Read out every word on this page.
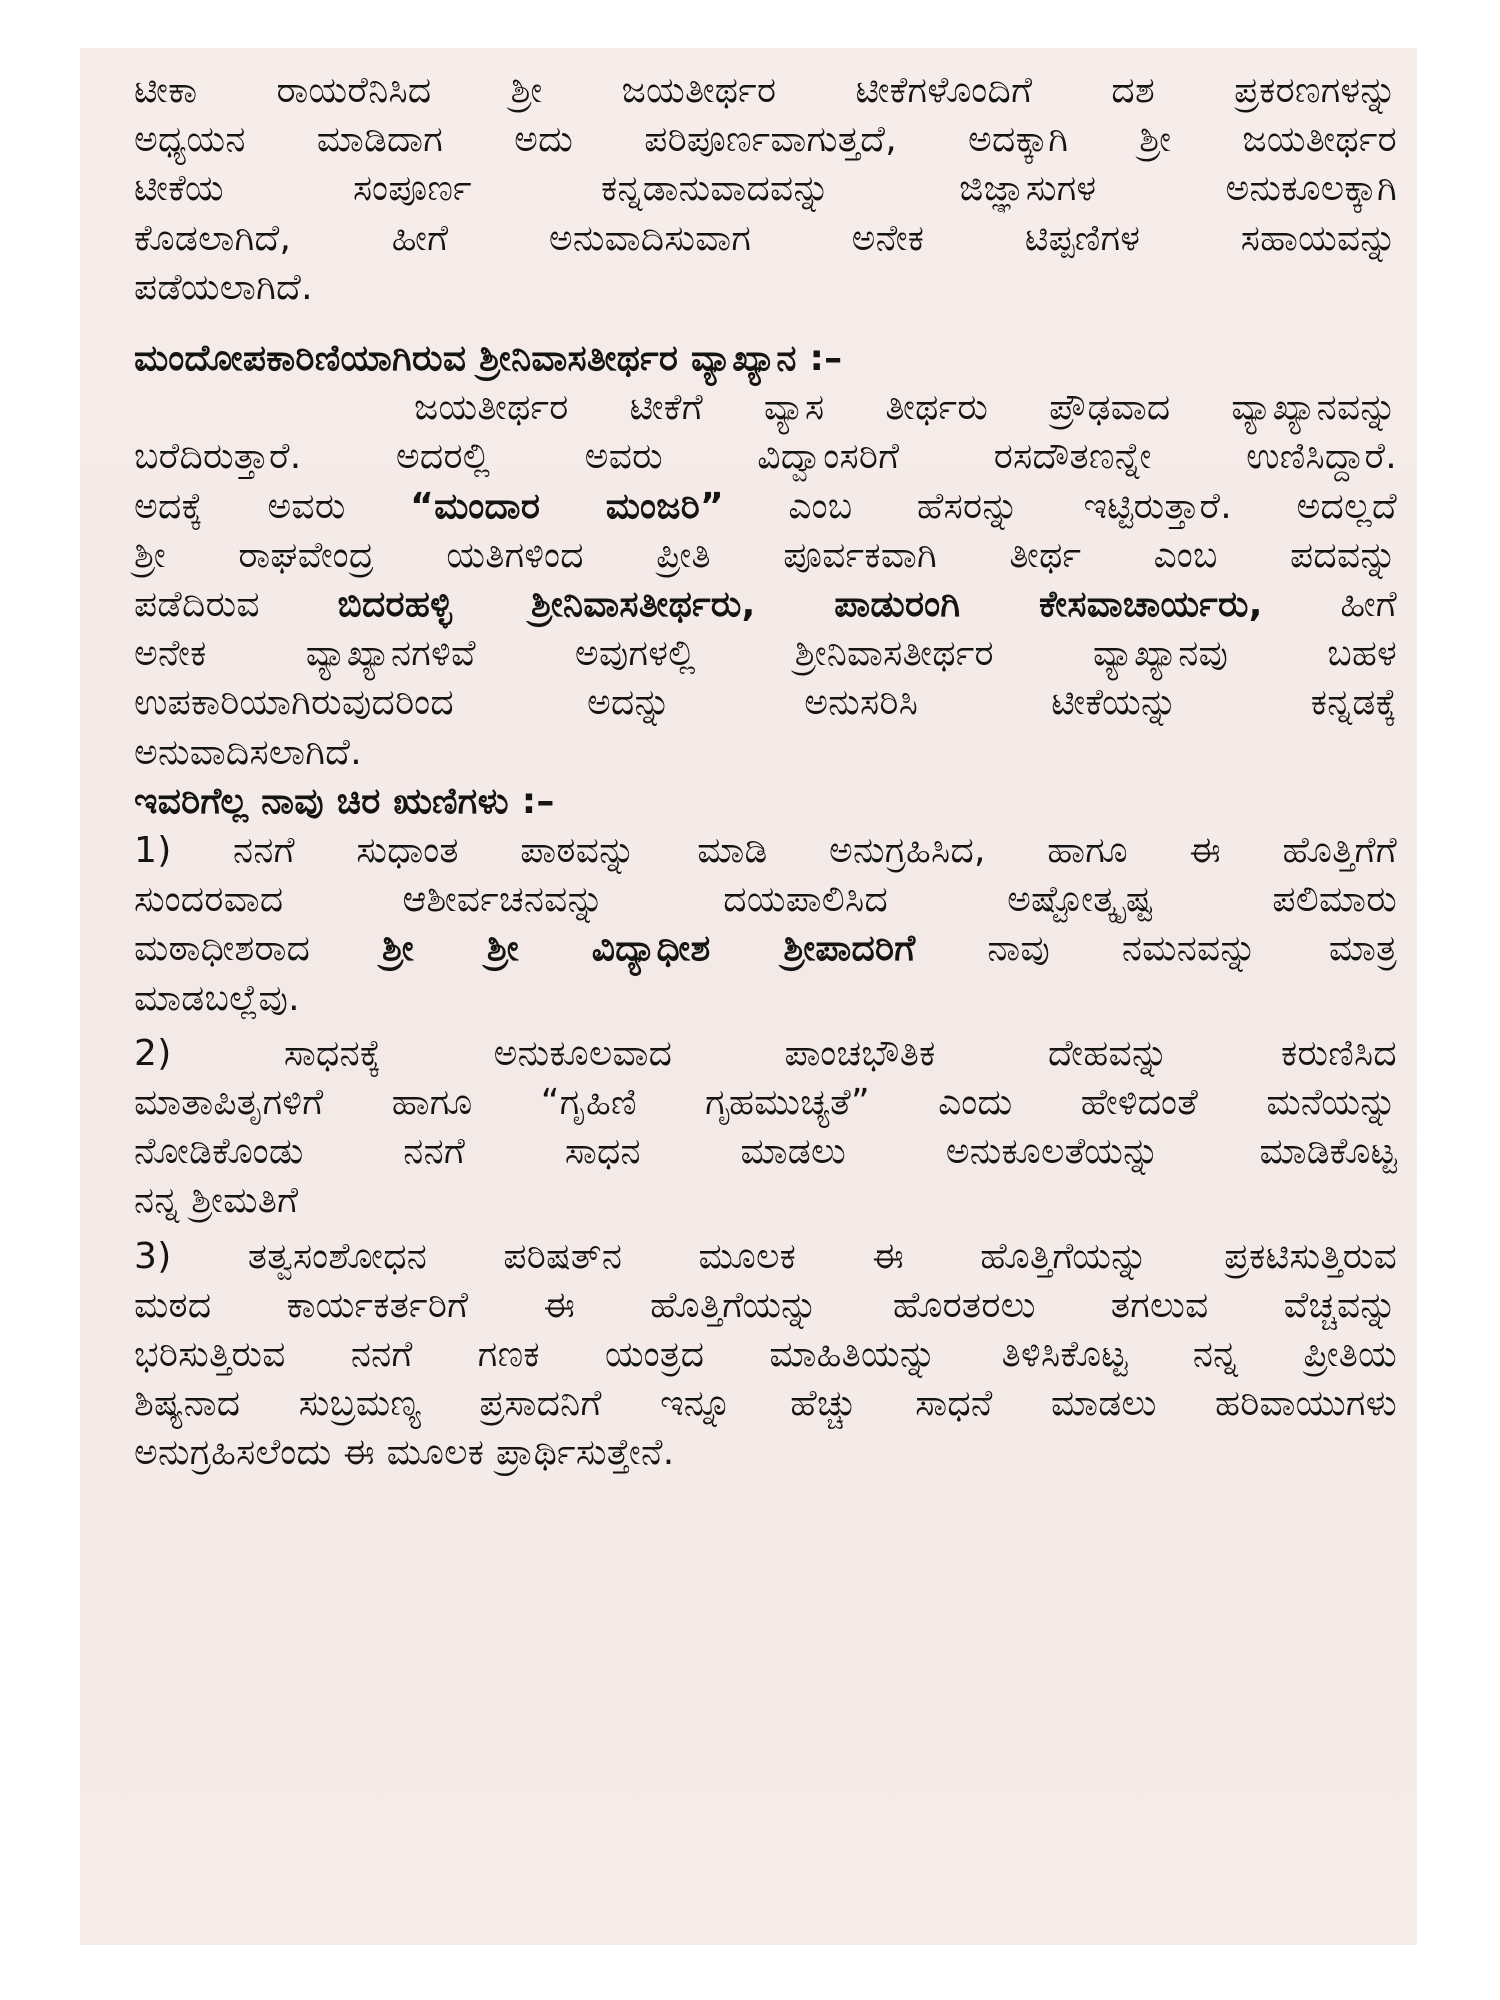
ಟೀಕಾ ರಾಯರೆನಿಸಿದ ಶ್ರೀ ಜಯತೀರ್ಥರ ಟೀಕೆಗಳೊಂದಿಗೆ ದಶ ಪ್ರಕರಣಗಳನ್ನು
ಅಧ್ಯಯನ ಮಾಡಿದಾಗ ಅದು ಪರಿಪೂರ್ಣವಾಗುತ್ತದೆ, ಅದಕ್ಕಾಗಿ ಶ್ರೀ ಜಯತೀರ್ಥರ
ಟೀಕೆಯ ಸಂಪೂರ್ಣ ಕನ್ನಡಾನುವಾದವನ್ನು ಜಿಜ್ಞಾಸುಗಳ ಅನುಕೂಲಕ್ಕಾಗಿ
ಕೊಡಲಾಗಿದೆ, ಹೀಗೆ ಅನುವಾದಿಸುವಾಗ ಅನೇಕ ಟಿಪ್ಪಣಿಗಳ ಸಹಾಯವನ್ನು
ಪಡೆಯಲಾಗಿದೆ.
ಮಂದೋಪಕಾರಿಣಿಯಾಗಿರುವ ಶ್ರೀನಿವಾಸತೀರ್ಥರ ವ್ಯಾಖ್ಯಾನ :–
ಜಯತೀರ್ಥರ ಟೀಕೆಗೆ ವ್ಯಾಸ ತೀರ್ಥರು ಪ್ರೌಢವಾದ ವ್ಯಾಖ್ಯಾನವನ್ನು
ಬರೆದಿರುತ್ತಾರೆ. ಅದರಲ್ಲಿ ಅವರು ವಿದ್ವಾಂಸರಿಗೆ ರಸದೌತಣನ್ನೇ ಉಣಿಸಿದ್ದಾರೆ.
ಅದಕ್ಕೆ ಅವರು “ಮಂದಾರ ಮಂಜರಿ” ಎಂಬ ಹೆಸರನ್ನು ಇಟ್ಟಿರುತ್ತಾರೆ. ಅದಲ್ಲದೆ
ಶ್ರೀ ರಾಘವೇಂದ್ರ ಯತಿಗಳಿಂದ ಪ್ರೀತಿ ಪೂರ್ವಕವಾಗಿ ತೀರ್ಥ ಎಂಬ ಪದವನ್ನು
ಪಡೆದಿರುವ ಬಿದರಹಳ್ಳಿ ಶ್ರೀನಿವಾಸತೀರ್ಥರು, ಪಾಡುರಂಗಿ ಕೇಸವಾಚಾರ್ಯರು, ಹೀಗೆ
ಅನೇಕ ವ್ಯಾಖ್ಯಾನಗಳಿವೆ ಅವುಗಳಲ್ಲಿ ಶ್ರೀನಿವಾಸತೀರ್ಥರ ವ್ಯಾಖ್ಯಾನವು ಬಹಳ
ಉಪಕಾರಿಯಾಗಿರುವುದರಿಂದ ಅದನ್ನು ಅನುಸರಿಸಿ ಟೀಕೆಯನ್ನು ಕನ್ನಡಕ್ಕೆ
ಅನುವಾದಿಸಲಾಗಿದೆ.
ಇವರಿಗೆಲ್ಲ ನಾವು ಚಿರ ಋಣಿಗಳು :–
1) ನನಗೆ ಸುಧಾಂತ ಪಾಠವನ್ನು ಮಾಡಿ ಅನುಗ್ರಹಿಸಿದ, ಹಾಗೂ ಈ ಹೊತ್ತಿಗೆಗೆ
ಸುಂದರವಾದ ಆಶೀರ್ವಚನವನ್ನು ದಯಪಾಲಿಸಿದ ಅಷ್ಟೋತ್ಕೃಷ್ಟ ಪಲಿಮಾರು
ಮಠಾಧೀಶರಾದ ಶ್ರೀ ಶ್ರೀ ವಿದ್ಯಾಧೀಶ ಶ್ರೀಪಾದರಿಗೆ ನಾವು ನಮನವನ್ನು ಮಾತ್ರ
ಮಾಡಬಲ್ಲೆವು.
2) ಸಾಧನಕ್ಕೆ ಅನುಕೂಲವಾದ ಪಾಂಚಭೌತಿಕ ದೇಹವನ್ನು ಕರುಣಿಸಿದ
ಮಾತಾಪಿತೃಗಳಿಗೆ ಹಾಗೂ “ಗೃಹಿಣಿ ಗೃಹಮುಚ್ಯತೆ” ಎಂದು ಹೇಳಿದಂತೆ ಮನೆಯನ್ನು
ನೋಡಿಕೊಂಡು ನನಗೆ ಸಾಧನ ಮಾಡಲು ಅನುಕೂಲತೆಯನ್ನು ಮಾಡಿಕೊಟ್ಟ
ನನ್ನ ಶ್ರೀಮತಿಗೆ
3) ತತ್ವಸಂಶೋಧನ ಪರಿಷತ್‌ನ ಮೂಲಕ ಈ ಹೊತ್ತಿಗೆಯನ್ನು ಪ್ರಕಟಿಸುತ್ತಿರುವ
ಮಠದ ಕಾರ್ಯಕರ್ತರಿಗೆ ಈ ಹೊತ್ತಿಗೆಯನ್ನು ಹೊರತರಲು ತಗಲುವ ವೆಚ್ಚವನ್ನು
ಭರಿಸುತ್ತಿರುವ ನನಗೆ ಗಣಕ ಯಂತ್ರದ ಮಾಹಿತಿಯನ್ನು ತಿಳಿಸಿಕೊಟ್ಟ ನನ್ನ ಪ್ರೀತಿಯ
ಶಿಷ್ಯನಾದ ಸುಬ್ರಮಣ್ಯ ಪ್ರಸಾದನಿಗೆ ಇನ್ನೂ ಹೆಚ್ಚು ಸಾಧನೆ ಮಾಡಲು ಹರಿವಾಯುಗಳು
ಅನುಗ್ರಹಿಸಲೆಂದು ಈ ಮೂಲಕ ಪ್ರಾರ್ಥಿಸುತ್ತೇನೆ.
